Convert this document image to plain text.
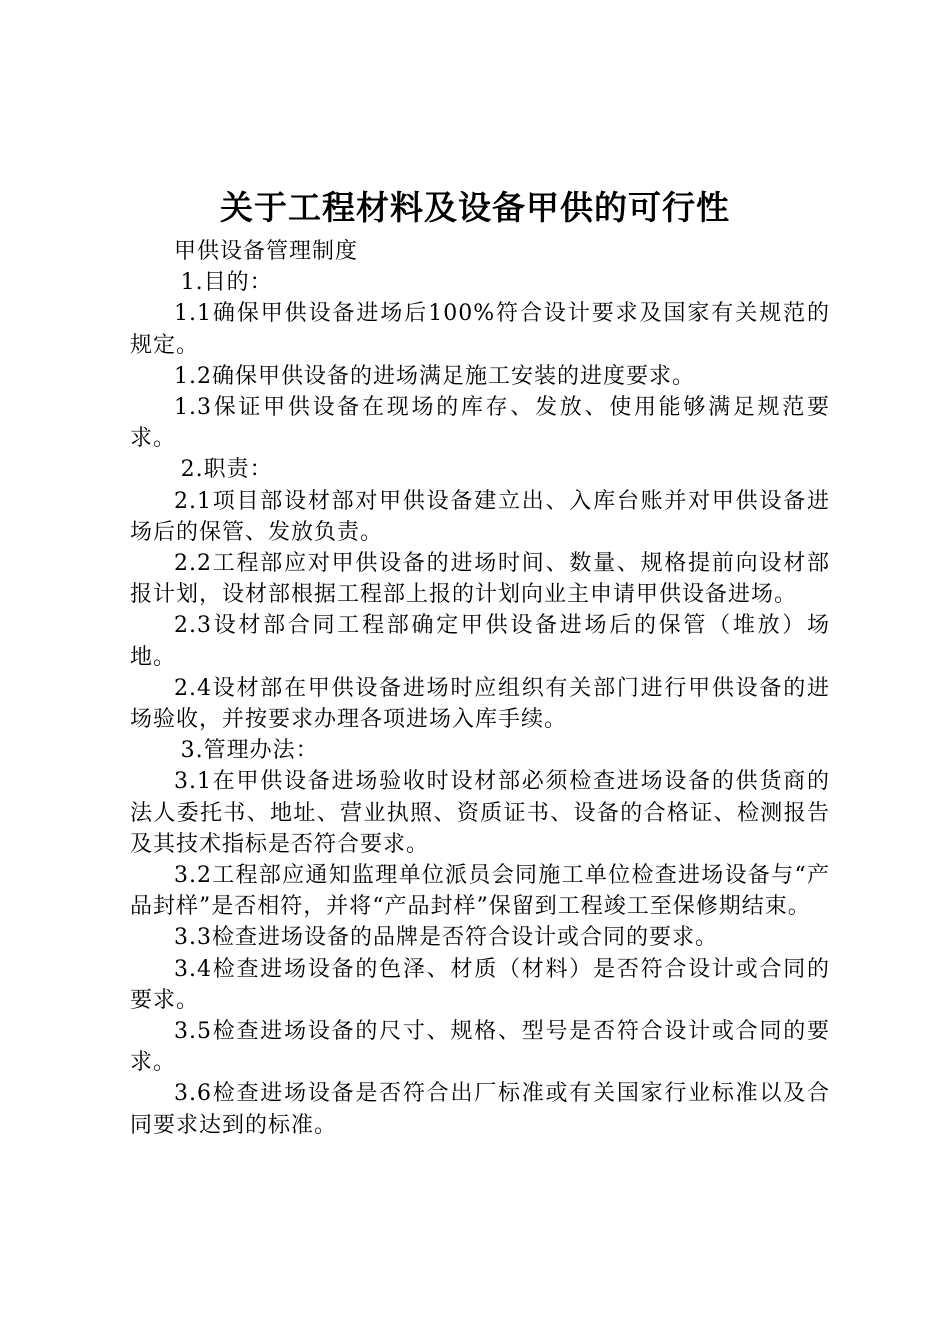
关于工程材料及设备甲供的可行性

甲供设备管理制度

1.目的：

1.1确保甲供设备进场后100%符合设计要求及国家有关规范的规定。

1.2确保甲供设备的进场满足施工安装的进度要求。

1.3保证甲供设备在现场的库存、发放、使用能够满足规范要求。

2.职责：

2.1项目部设材部对甲供设备建立出、入库台账并对甲供设备进场后的保管、发放负责。

2.2工程部应对甲供设备的进场时间、数量、规格提前向设材部报计划，设材部根据工程部上报的计划向业主申请甲供设备进场。

2.3设材部合同工程部确定甲供设备进场后的保管（堆放）场地。

2.4设材部在甲供设备进场时应组织有关部门进行甲供设备的进场验收，并按要求办理各项进场入库手续。

3.管理办法：

3.1在甲供设备进场验收时设材部必须检查进场设备的供货商的法人委托书、地址、营业执照、资质证书、设备的合格证、检测报告及其技术指标是否符合要求。

3.2工程部应通知监理单位派员会同施工单位检查进场设备与“产品封样”是否相符，并将“产品封样”保留到工程竣工至保修期结束。

3.3检查进场设备的品牌是否符合设计或合同的要求。

3.4检查进场设备的色泽、材质（材料）是否符合设计或合同的要求。

3.5检查进场设备的尺寸、规格、型号是否符合设计或合同的要求。

3.6检查进场设备是否符合出厂标准或有关国家行业标准以及合同要求达到的标准。
